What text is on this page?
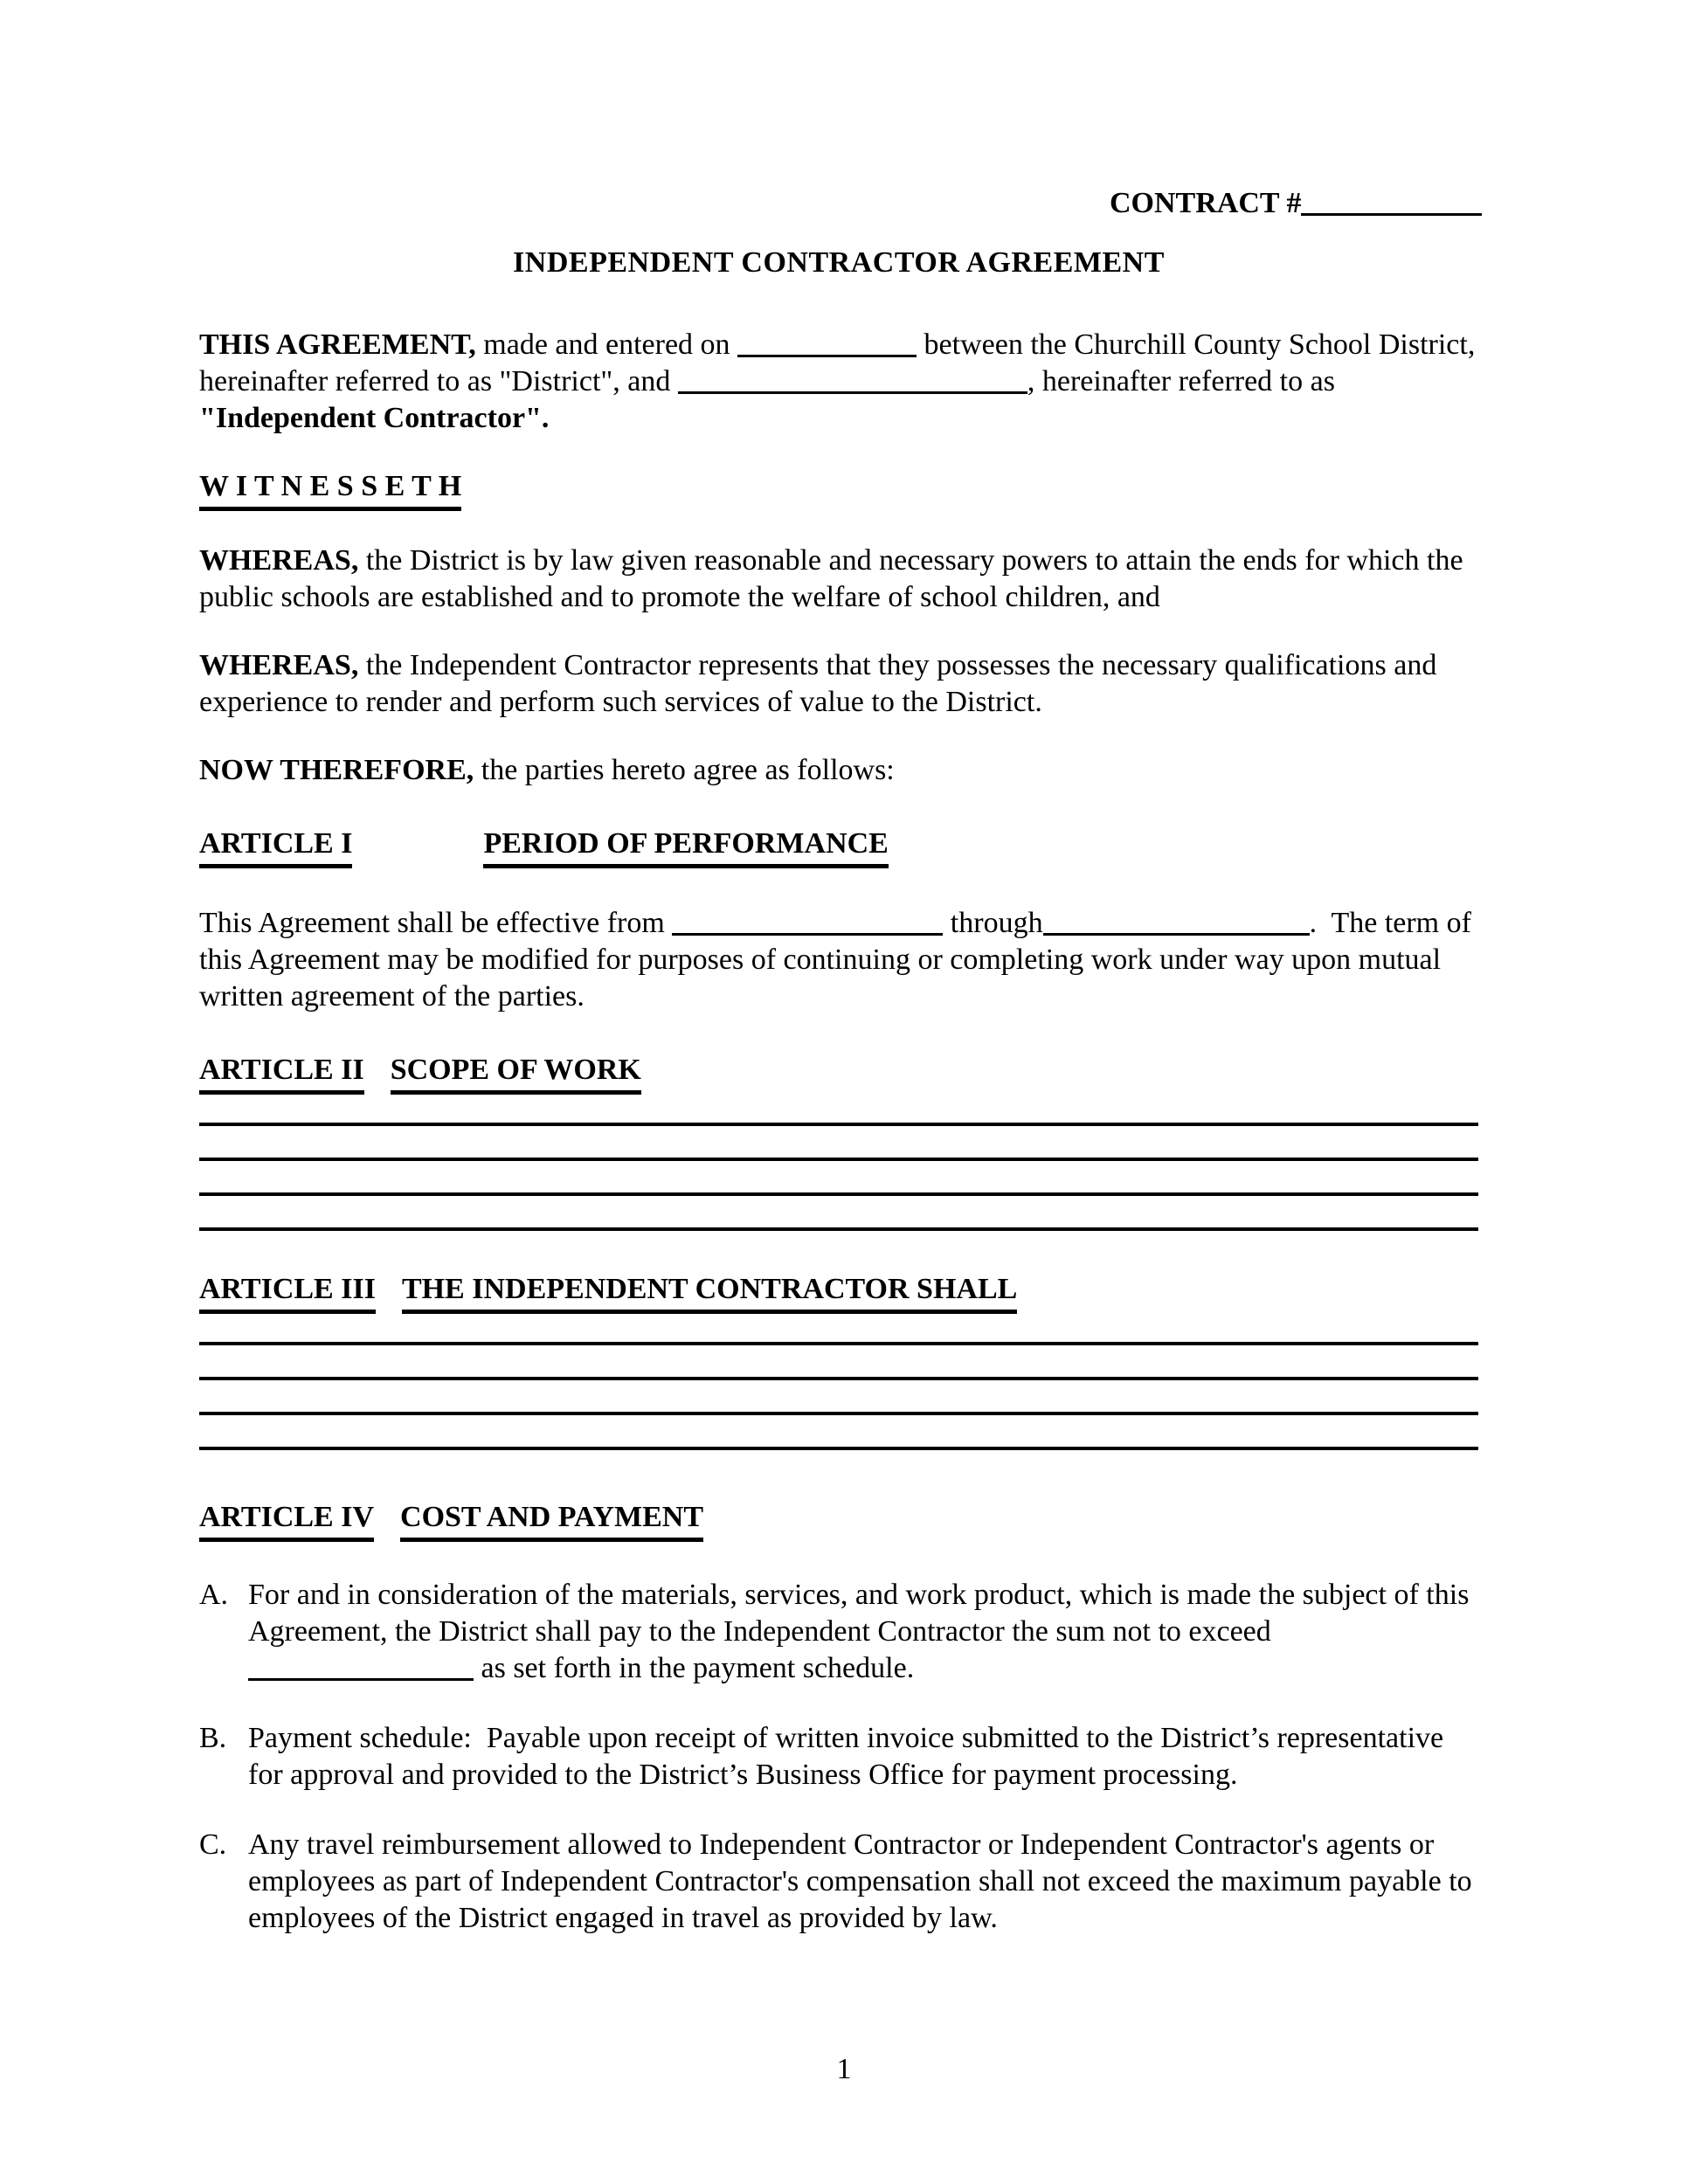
CONTRACT #
INDEPENDENT CONTRACTOR AGREEMENT

THIS AGREEMENT, made and entered on	between the Churchill County School District, hereinafter referred to as "District", and	, hereinafter referred to as "Independent Contractor".

W I T N E S S E T H

WHEREAS, the District is by law given reasonable and necessary powers to attain the ends for which the public schools are established and to promote the welfare of school children, and

WHEREAS, the Independent Contractor represents that they possesses the necessary qualifications and experience to render and perform such services of value to the District.

NOW THEREFORE, the parties hereto agree as follows:

ARTICLE I	PERIOD OF PERFORMANCE

This Agreement shall be effective from	through	.  The term of this Agreement may be modified for purposes of continuing or completing work under way upon mutual written agreement of the parties.

ARTICLE II SCOPE OF WORK
ARTICLE III THE INDEPENDENT CONTRACTOR SHALL
ARTICLE IV COST AND PAYMENT
A. For and in consideration of the materials, services, and work product, which is made the subject of this Agreement, the District shall pay to the Independent Contractor the sum not to exceed  as set forth in the payment schedule.
B. Payment schedule:  Payable upon receipt of written invoice submitted to the District’s representative for approval and provided to the District’s Business Office for payment processing.
C. Any travel reimbursement allowed to Independent Contractor or Independent Contractor's agents or employees as part of Independent Contractor's compensation shall not exceed the maximum payable to employees of the District engaged in travel as provided by law.
1
